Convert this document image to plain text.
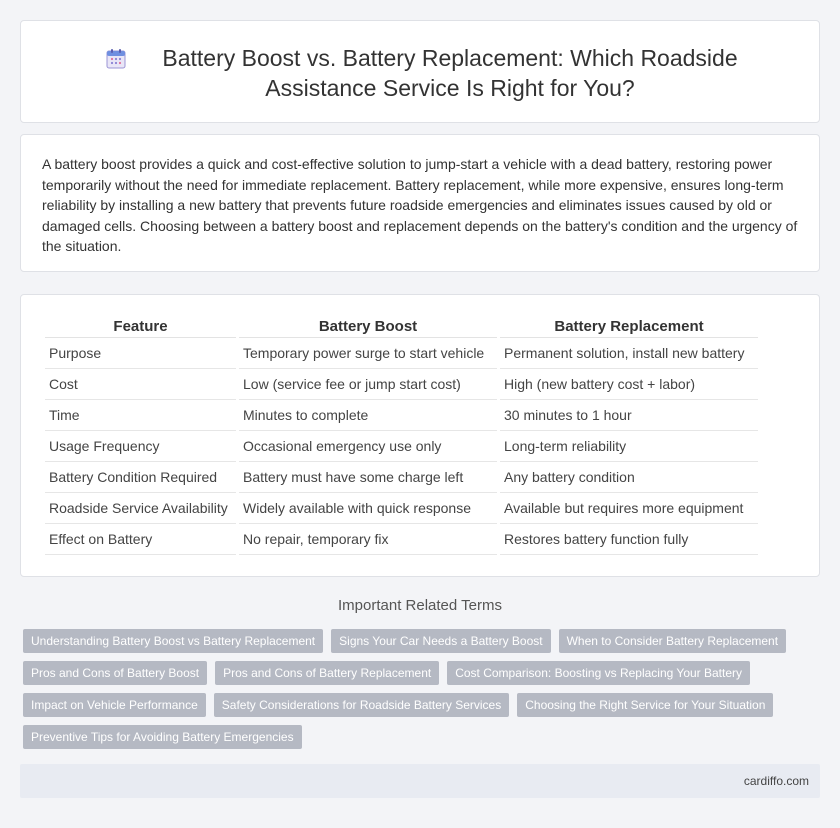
Battery Boost vs. Battery Replacement: Which Roadside Assistance Service Is Right for You?

A battery boost provides a quick and cost-effective solution to jump-start a vehicle with a dead battery, restoring power temporarily without the need for immediate replacement. Battery replacement, while more expensive, ensures long-term reliability by installing a new battery that prevents future roadside emergencies and eliminates issues caused by old or damaged cells. Choosing between a battery boost and replacement depends on the battery's condition and the urgency of the situation.

Feature	Battery Boost	Battery Replacement
Purpose	Temporary power surge to start vehicle	Permanent solution, install new battery
Cost	Low (service fee or jump start cost)	High (new battery cost + labor)
Time	Minutes to complete	30 minutes to 1 hour
Usage Frequency	Occasional emergency use only	Long-term reliability
Battery Condition Required	Battery must have some charge left	Any battery condition
Roadside Service Availability	Widely available with quick response	Available but requires more equipment
Effect on Battery	No repair, temporary fix	Restores battery function fully
Important Related Terms
Understanding Battery Boost vs Battery Replacement	Signs Your Car Needs a Battery Boost	When to Consider Battery Replacement
Pros and Cons of Battery Boost	Pros and Cons of Battery Replacement	Cost Comparison: Boosting vs Replacing Your Battery
Impact on Vehicle Performance	Safety Considerations for Roadside Battery Services	Choosing the Right Service for Your Situation
Preventive Tips for Avoiding Battery Emergencies
cardiffo.com
